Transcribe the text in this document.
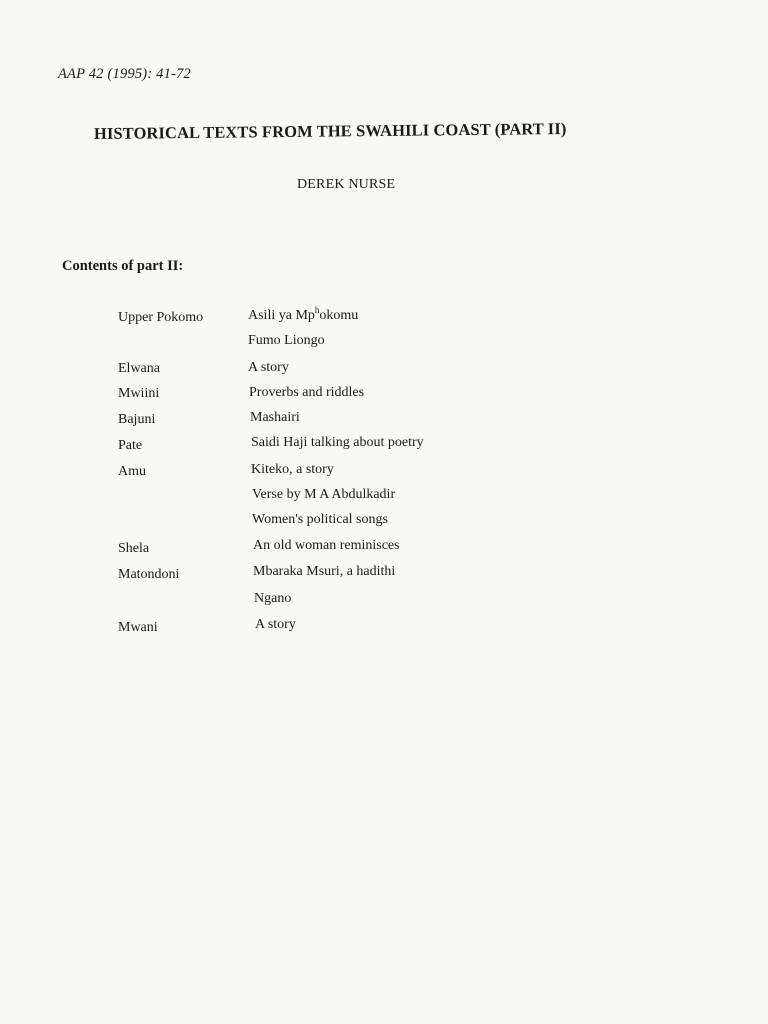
AAP 42 (1995): 41-72
HISTORICAL TEXTS FROM THE SWAHILI COAST (PART II)
DEREK NURSE
Contents of part II:
Upper Pokomo	Asili ya Mp$^h$okomu
Fumo Liongo
Elwana	A story
Mwiini	Proverbs and riddles
Bajuni	Mashairi
Pate	Saidi Haji talking about poetry
Amu	Kiteko, a story
Verse by M A Abdulkadir
Women's political songs
Shela	An old woman reminisces
Matondoni	Mbaraka Msuri, a hadithi
Ngano
Mwani	A story
